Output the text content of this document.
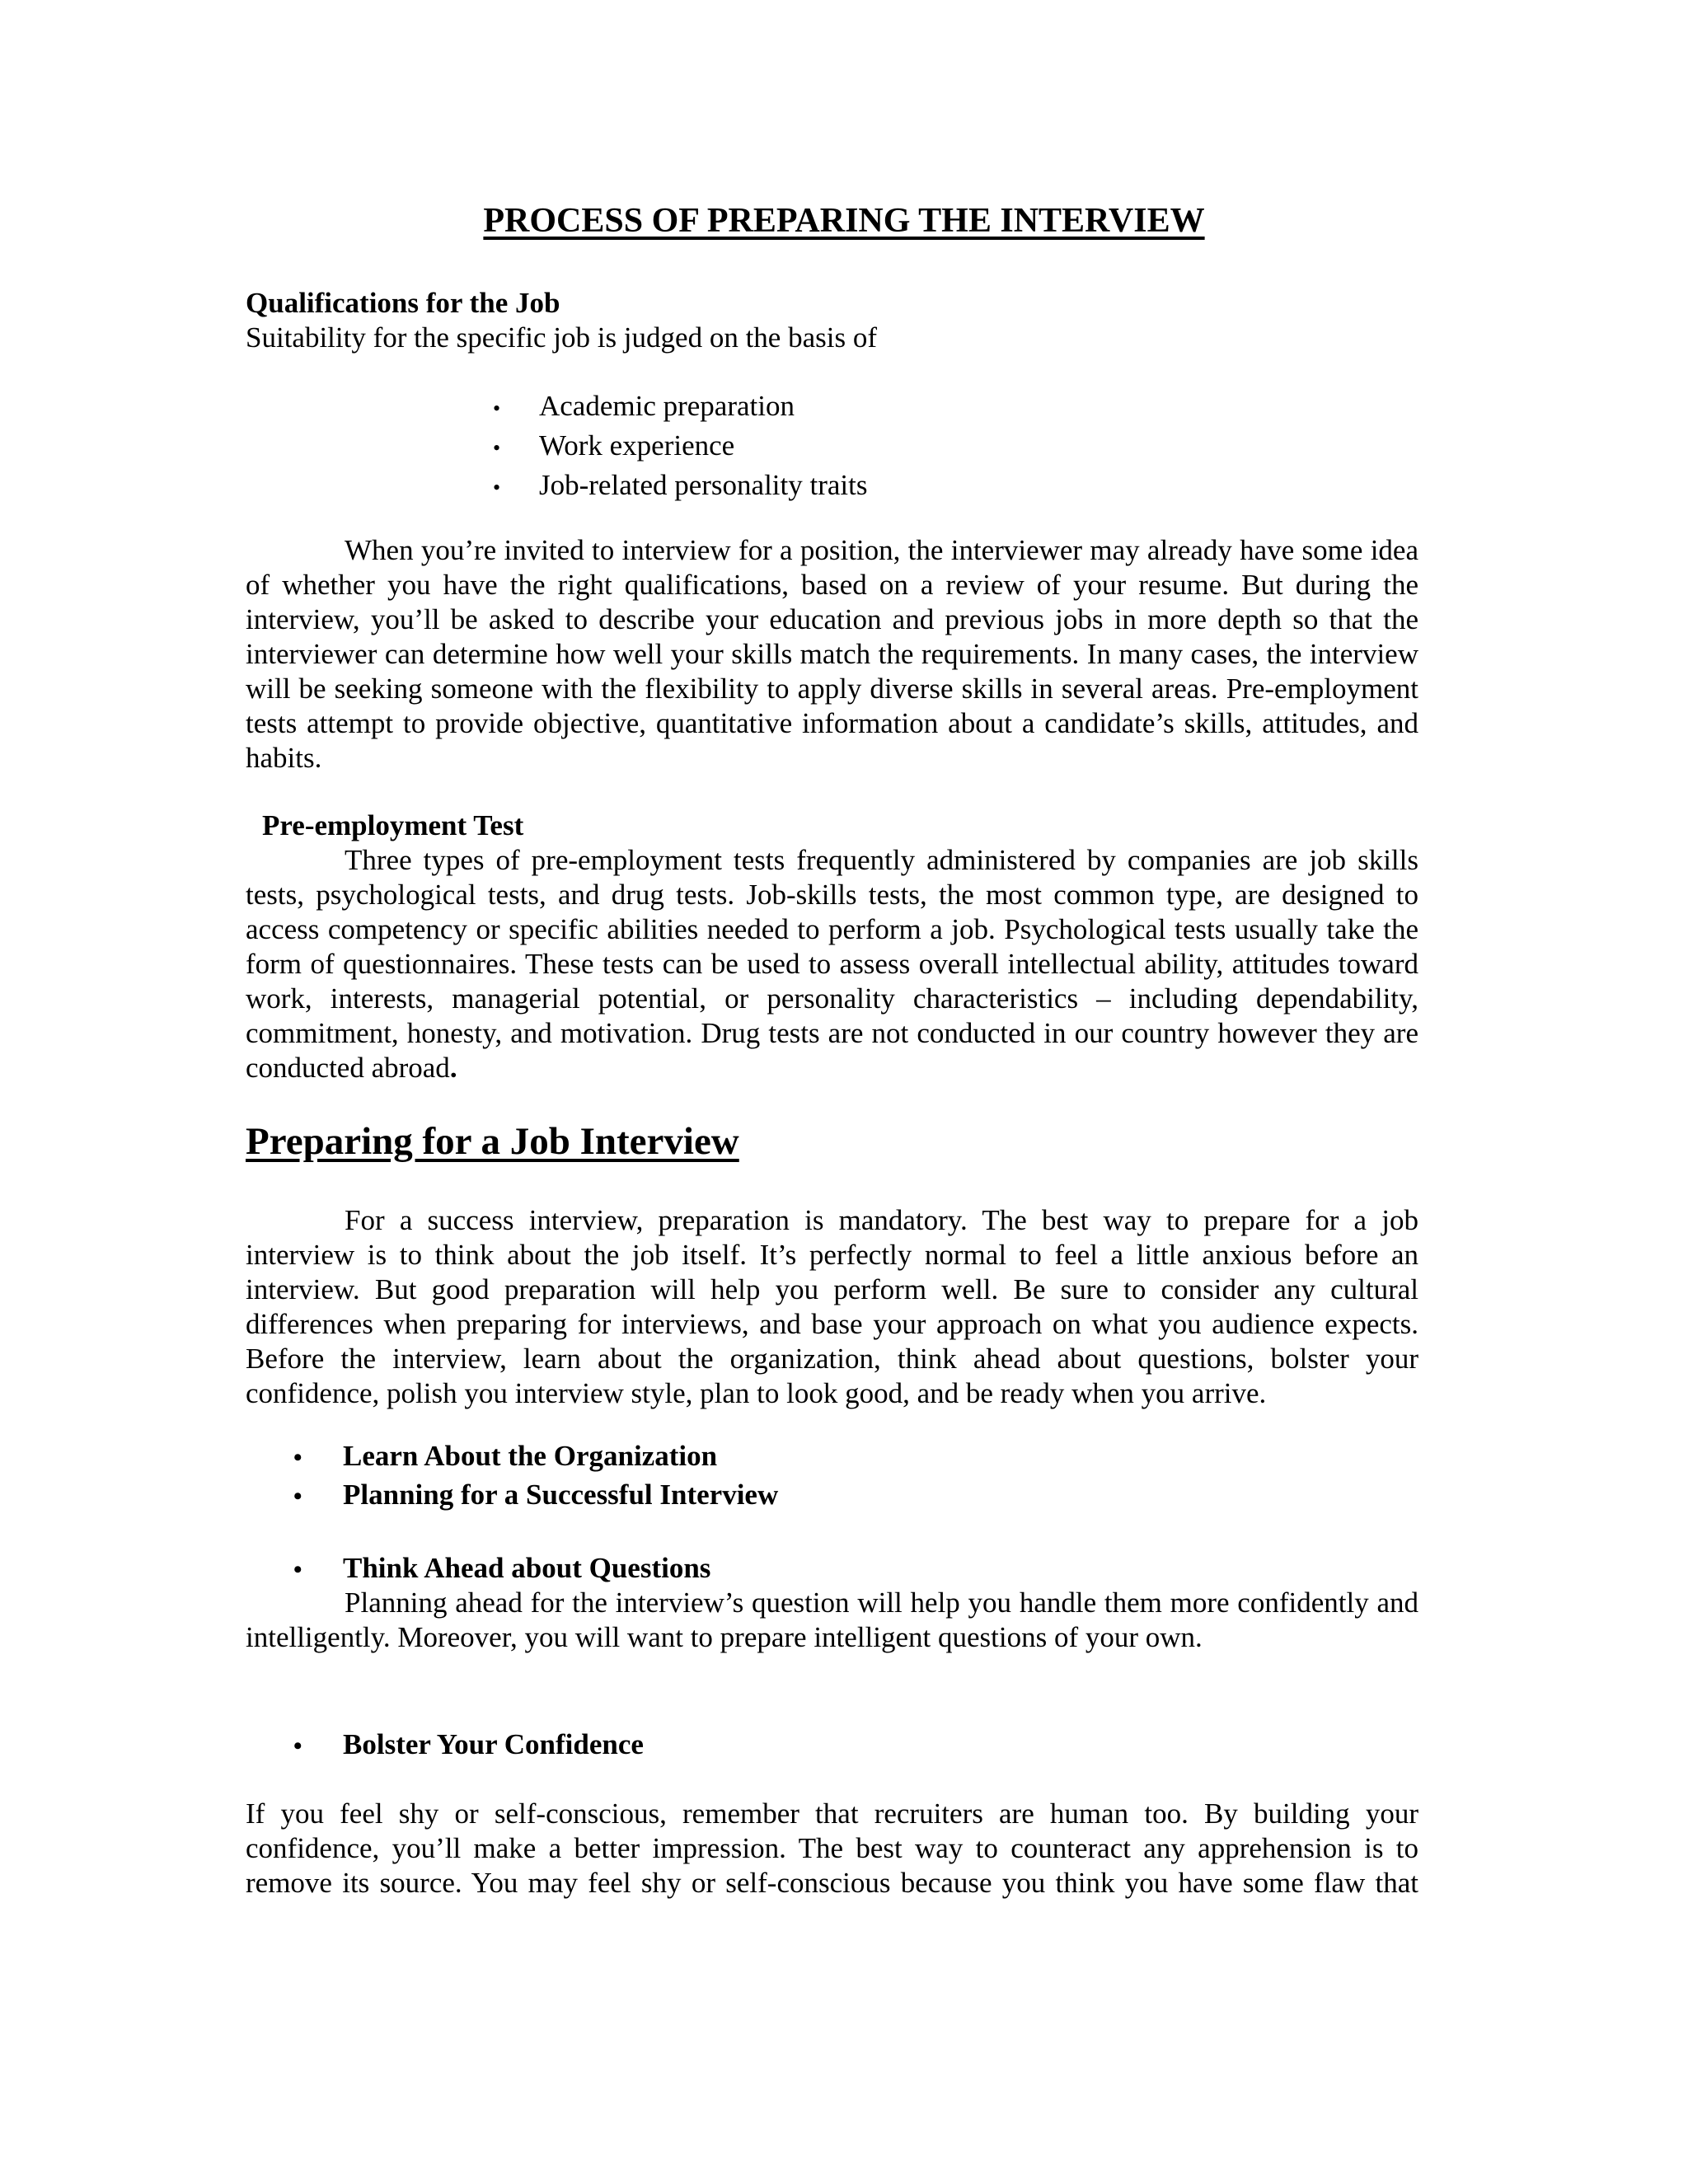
PROCESS OF PREPARING THE INTERVIEW
Qualifications for the Job
Suitability for the specific job is judged on the basis of
•	Academic preparation
•	Work experience
•	Job-related personality traits
When you’re invited to interview for a position, the interviewer may already have some idea of whether you have the right qualifications, based on a review of your resume. But during the interview, you’ll be asked to describe your education and previous jobs in more depth so that the interviewer can determine how well your skills match the requirements. In many cases, the interview will be seeking someone with the flexibility to apply diverse skills in several areas. Pre-employment tests attempt to provide objective, quantitative information about a candidate’s skills, attitudes, and habits.
Pre-employment Test
Three types of pre-employment tests frequently administered by companies are job skills tests, psychological tests, and drug tests. Job-skills tests, the most common type, are designed to access competency or specific abilities needed to perform a job. Psychological tests usually take the form of questionnaires. These tests can be used to assess overall intellectual ability, attitudes toward work, interests, managerial potential, or personality characteristics – including dependability, commitment, honesty, and motivation. Drug tests are not conducted in our country however they are conducted abroad.
Preparing for a Job Interview
For a success interview, preparation is mandatory. The best way to prepare for a job interview is to think about the job itself. It’s perfectly normal to feel a little anxious before an interview. But good preparation will help you perform well. Be sure to consider any cultural differences when preparing for interviews, and base your approach on what you audience expects. Before the interview, learn about the organization, think ahead about questions, bolster your confidence, polish you interview style, plan to look good, and be ready when you arrive.
•	Learn About the Organization
•	Planning for a Successful Interview
•	Think Ahead about Questions
Planning ahead for the interview’s question will help you handle them more confidently and intelligently. Moreover, you will want to prepare intelligent questions of your own.
•	Bolster Your Confidence
If you feel shy or self-conscious, remember that recruiters are human too. By building your confidence, you’ll make a better impression. The best way to counteract any apprehension is to remove its source. You may feel shy or self-conscious because you think you have some flaw that
